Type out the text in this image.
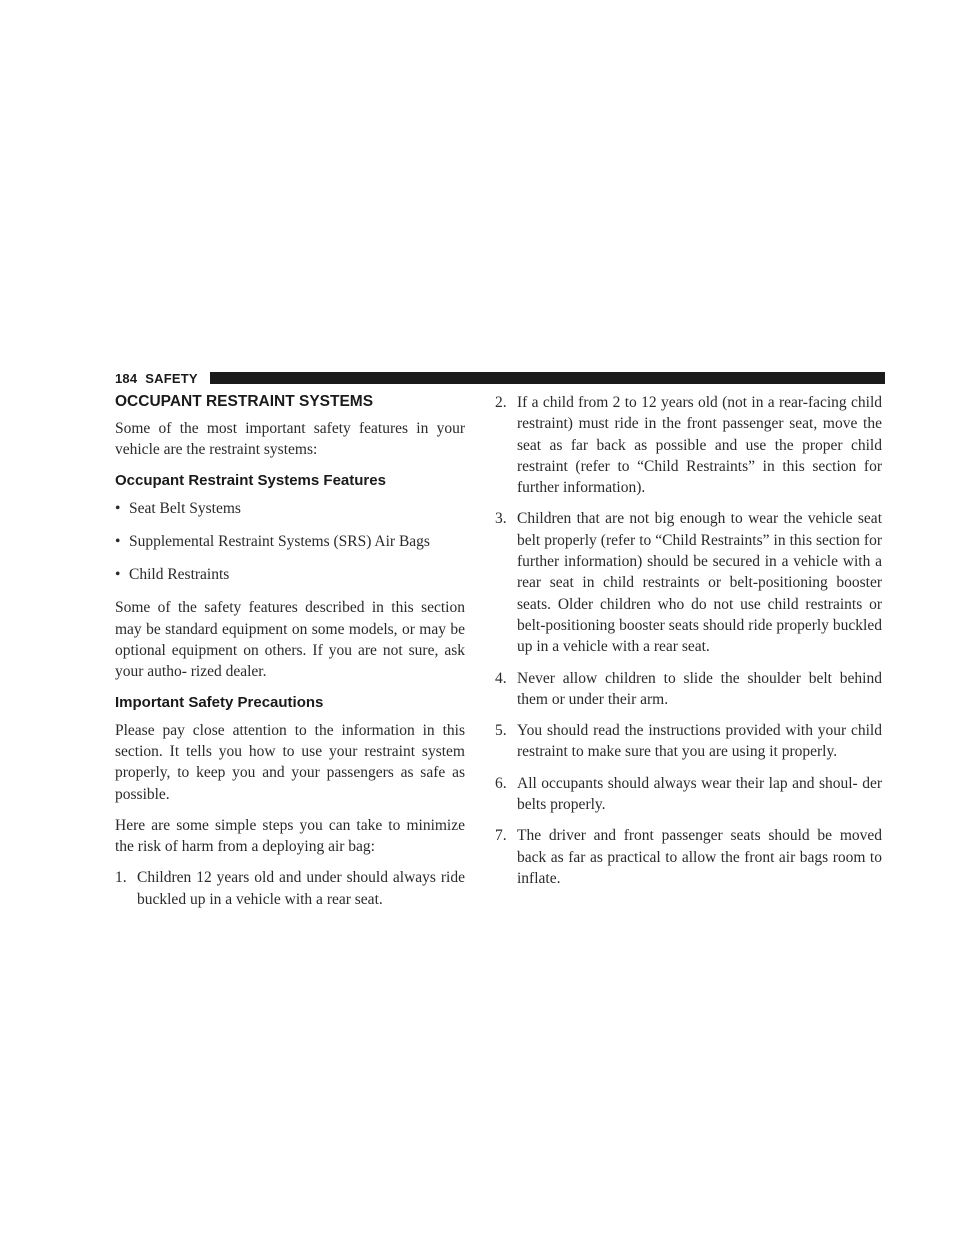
184 SAFETY
OCCUPANT RESTRAINT SYSTEMS

Some of the most important safety features in your vehicle are the restraint systems:

Occupant Restraint Systems Features
• Seat Belt Systems
• Supplemental Restraint Systems (SRS) Air Bags
• Child Restraints

Some of the safety features described in this section may be standard equipment on some models, or may be optional equipment on others. If you are not sure, ask your autho- rized dealer.

Important Safety Precautions

Please pay close attention to the information in this section. It tells you how to use your restraint system properly, to keep you and your passengers as safe as possible.

Here are some simple steps you can take to minimize the risk of harm from a deploying air bag:

1. Children 12 years old and under should always ride buckled up in a vehicle with a rear seat.
2. If a child from 2 to 12 years old (not in a rear-facing child restraint) must ride in the front passenger seat, move the seat as far back as possible and use the proper child restraint (refer to “Child Restraints” in this section for further information).
3. Children that are not big enough to wear the vehicle seat belt properly (refer to “Child Restraints” in this section for further information) should be secured in a vehicle with a rear seat in child restraints or belt-positioning booster seats. Older children who do not use child restraints or belt-positioning booster seats should ride properly buckled up in a vehicle with a rear seat.
4. Never allow children to slide the shoulder belt behind them or under their arm.
5. You should read the instructions provided with your child restraint to make sure that you are using it properly.
6. All occupants should always wear their lap and shoul- der belts properly.
7. The driver and front passenger seats should be moved back as far as practical to allow the front air bags room to inflate.
